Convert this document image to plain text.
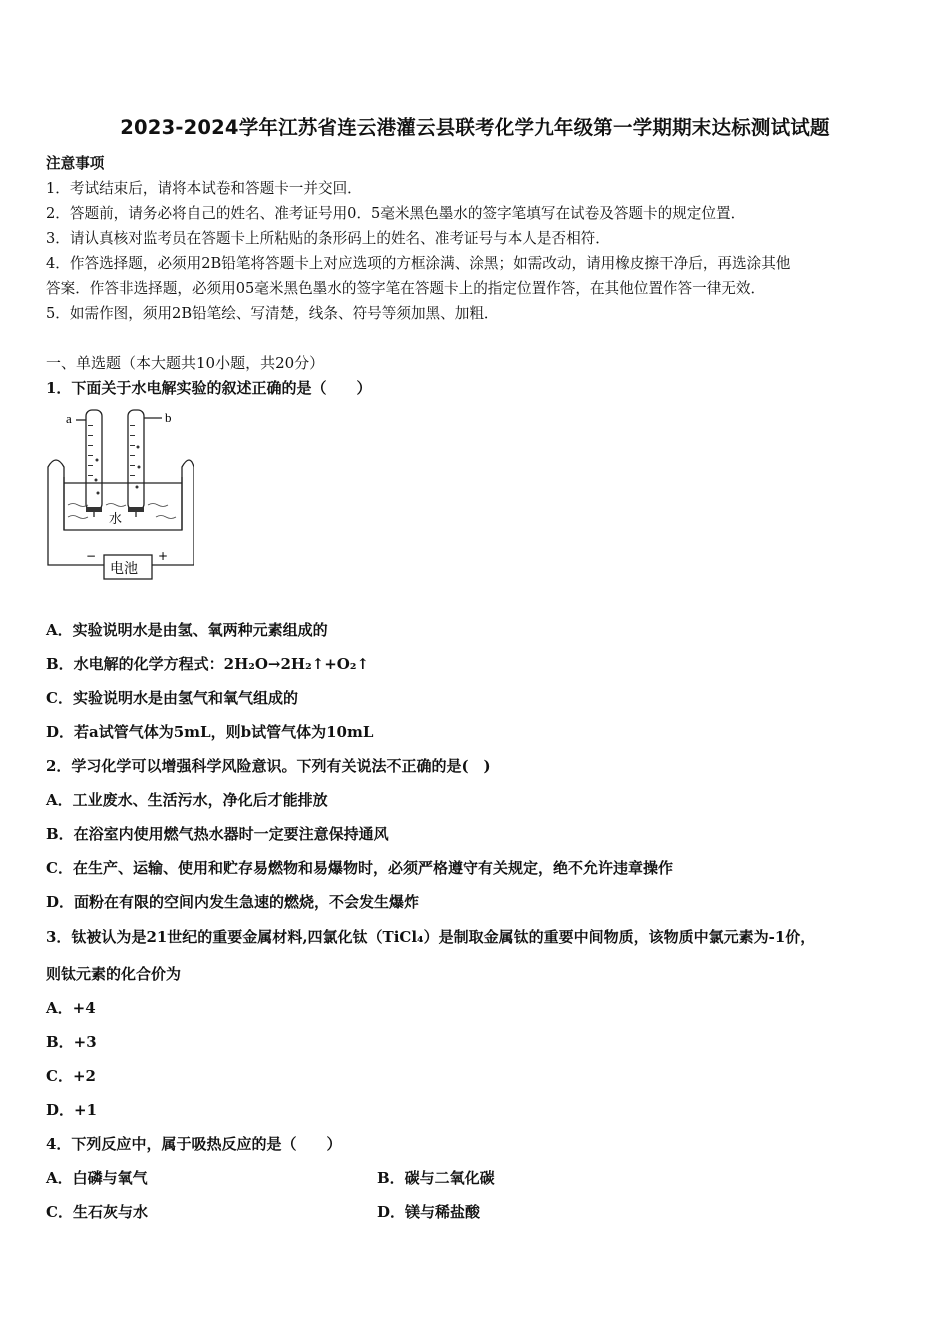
2023-2024学年江苏省连云港灌云县联考化学九年级第一学期期末达标测试试题
注意事项
1．考试结束后，请将本试卷和答题卡一并交回．
2．答题前，请务必将自己的姓名、准考证号用0．5毫米黑色墨水的签字笔填写在试卷及答题卡的规定位置．
3．请认真核对监考员在答题卡上所粘贴的条形码上的姓名、准考证号与本人是否相符．
4．作答选择题，必须用2B铅笔将答题卡上对应选项的方框涂满、涂黑；如需改动，请用橡皮擦干净后，再选涂其他
答案．作答非选择题，必须用05毫米黑色墨水的签字笔在答题卡上的指定位置作答，在其他位置作答一律无效．
5．如需作图，须用2B铅笔绘、写清楚，线条、符号等须加黑、加粗．
一、单选题（本大题共10小题，共20分）
1．下面关于水电解实验的叙述正确的是（　　）
a	b
水
电池
−	+
A．实验说明水是由氢、氧两种元素组成的
B．水电解的化学方程式：2H₂O→2H₂↑+O₂↑
C．实验说明水是由氢气和氧气组成的
D．若a试管气体为5mL，则b试管气体为10mL
2．学习化学可以增强科学风险意识。下列有关说法不正确的是(　)
A．工业废水、生活污水，净化后才能排放
B．在浴室内使用燃气热水器时一定要注意保持通风
C．在生产、运输、使用和贮存易燃物和易爆物时，必须严格遵守有关规定，绝不允许违章操作
D．面粉在有限的空间内发生急速的燃烧，不会发生爆炸
3．钛被认为是21世纪的重要金属材料,四氯化钛（TiCl₄）是制取金属钛的重要中间物质，该物质中氯元素为-1价，
则钛元素的化合价为
A．+4
B．+3
C．+2
D．+1
4．下列反应中，属于吸热反应的是（　　）
A．白磷与氧气	B．碳与二氧化碳
C．生石灰与水	D．镁与稀盐酸
